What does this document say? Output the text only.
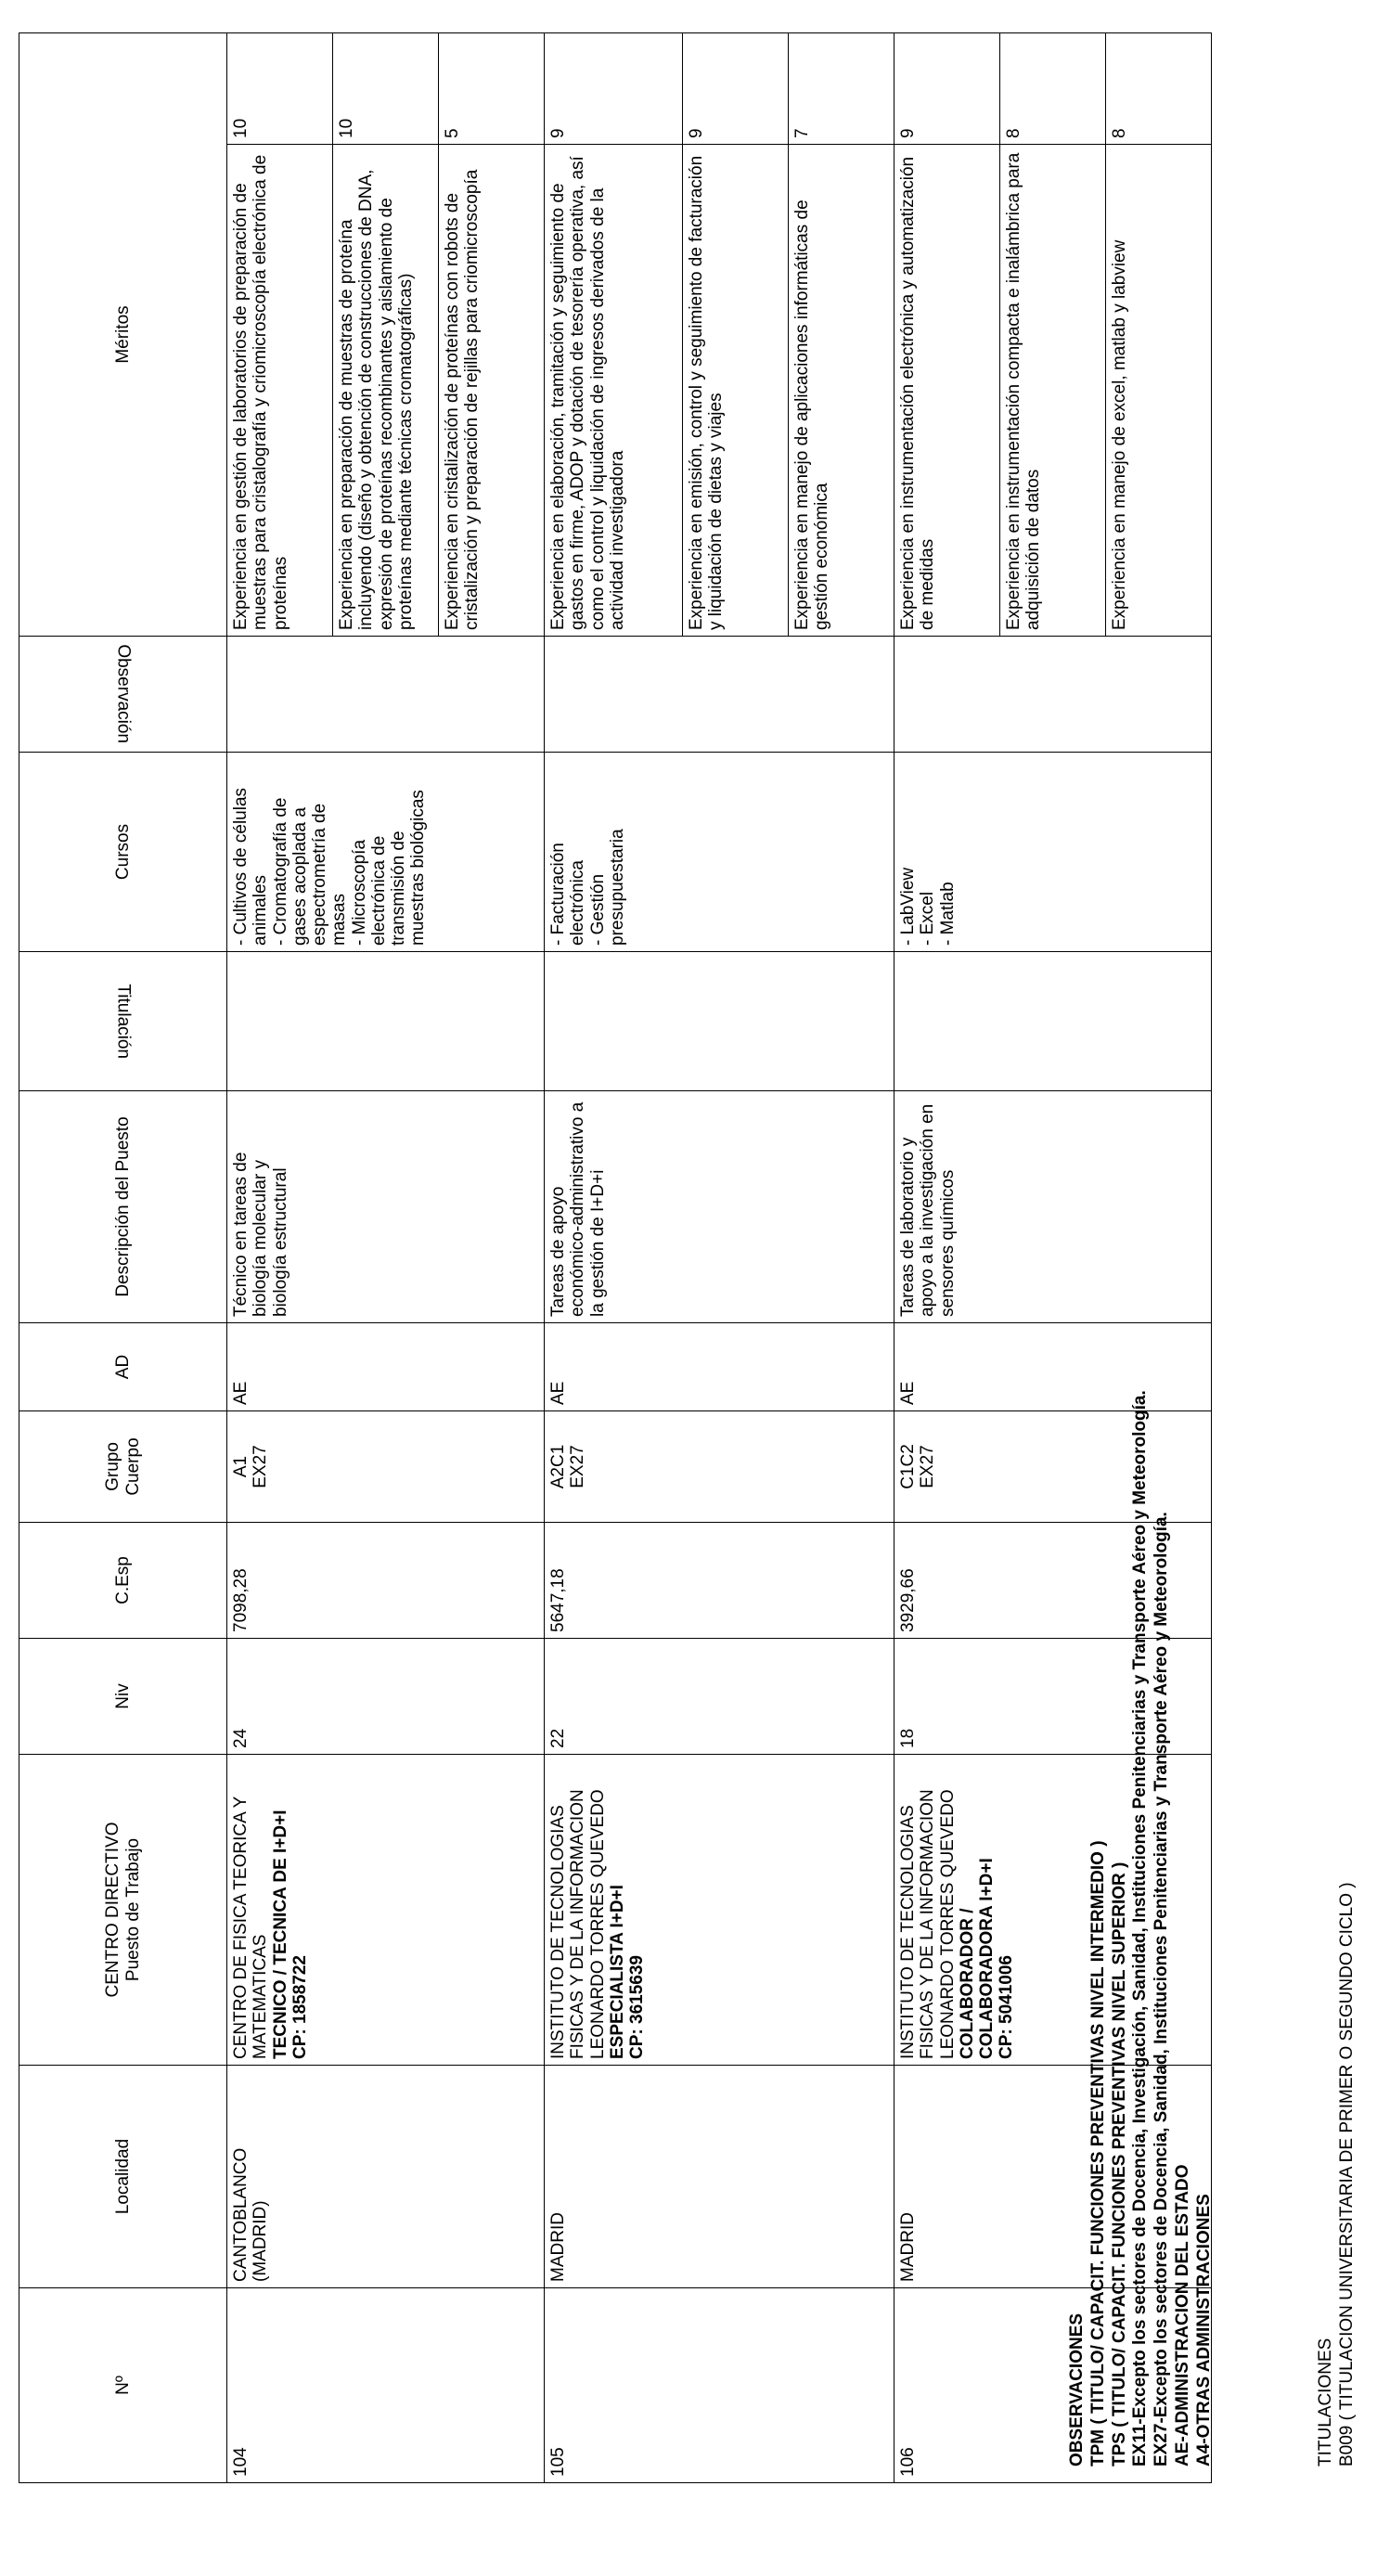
Nº	Localidad	CENTRO DIRECTIVO Puesto de Trabajo	Niv	C.Esp	Grupo Cuerpo	AD	Descripción del Puesto	Titulación	Cursos	Observación	Méritos	
104	CANTOBLANCO (MADRID)	CENTRO DE FISICA TEORICA Y MATEMATICAS TECNICO / TECNICA DE I+D+I CP: 1858722	24	7098,28	A1 EX27	AE	Técnico en tareas de biología molecular y biología estructural		- Cultivos de células animales
- Cromatografía de gases acoplada a espectrometría de masas
- Microscopía electrónica de transmisión de muestras biológicas		Experiencia en gestión de laboratorios de preparación de muestras para cristalografía y criomicroscopía electrónica de proteínas	10
											Experiencia en preparación de muestras de proteína incluyendo (diseño y obtención de construcciones de DNA, expresión de proteínas recombinantes y aislamiento de proteínas mediante técnicas cromatográficas)	10
											Experiencia en cristalización de proteínas con robots de cristalización y preparación de rejillas para criomicroscopía	5
105	MADRID	INSTITUTO DE TECNOLOGIAS FISICAS Y DE LA INFORMACION LEONARDO TORRES QUEVEDO ESPECIALISTA I+D+I CP: 3615639	22	5647,18	A2C1 EX27	AE	Tareas de apoyo económico-administrativo a la gestión de I+D+i		- Facturación electrónica
- Gestión presupuestaria		Experiencia en elaboración, tramitación y seguimiento de gastos en firme, ADOP y dotación de tesorería operativa, así como el control y liquidación de ingresos derivados de la actividad investigadora	9
											Experiencia en emisión, control y seguimiento de facturación y liquidación de dietas y viajes	9
											Experiencia en manejo de aplicaciones informáticas de gestión económica	7
106	MADRID	INSTITUTO DE TECNOLOGIAS FISICAS Y DE LA INFORMACION LEONARDO TORRES QUEVEDO COLABORADOR / COLABORADORA I+D+I CP: 5041006	18	3929,66	C1C2 EX27	AE	Tareas de laboratorio y apoyo a la investigación en sensores químicos		- LabView
- Excel
- Matlab		Experiencia en instrumentación electrónica y automatización de medidas	9
											Experiencia en instrumentación compacta e inalámbrica para adquisición de datos	8
											Experiencia en manejo de excel, matlab y labview	8
OBSERVACIONES TPM ( TITULO/ CAPACIT. FUNCIONES PREVENTIVAS NIVEL INTERMEDIO ) TPS ( TITULO/ CAPACIT. FUNCIONES PREVENTIVAS NIVEL SUPERIOR ) EX11-Excepto los sectores de Docencia, Investigación, Sanidad, Instituciones Penitenciarias y Transporte Aéreo y Meteorología. EX27-Excepto los sectores de Docencia, Sanidad, Instituciones Penitenciarias y Transporte Aéreo y Meteorología. AE-ADMINISTRACION DEL ESTADO A4-OTRAS ADMINISTRACIONES	TITULACIONES B009 ( TITULACION UNIVERSITARIA DE PRIMER O SEGUNDO CICLO )
